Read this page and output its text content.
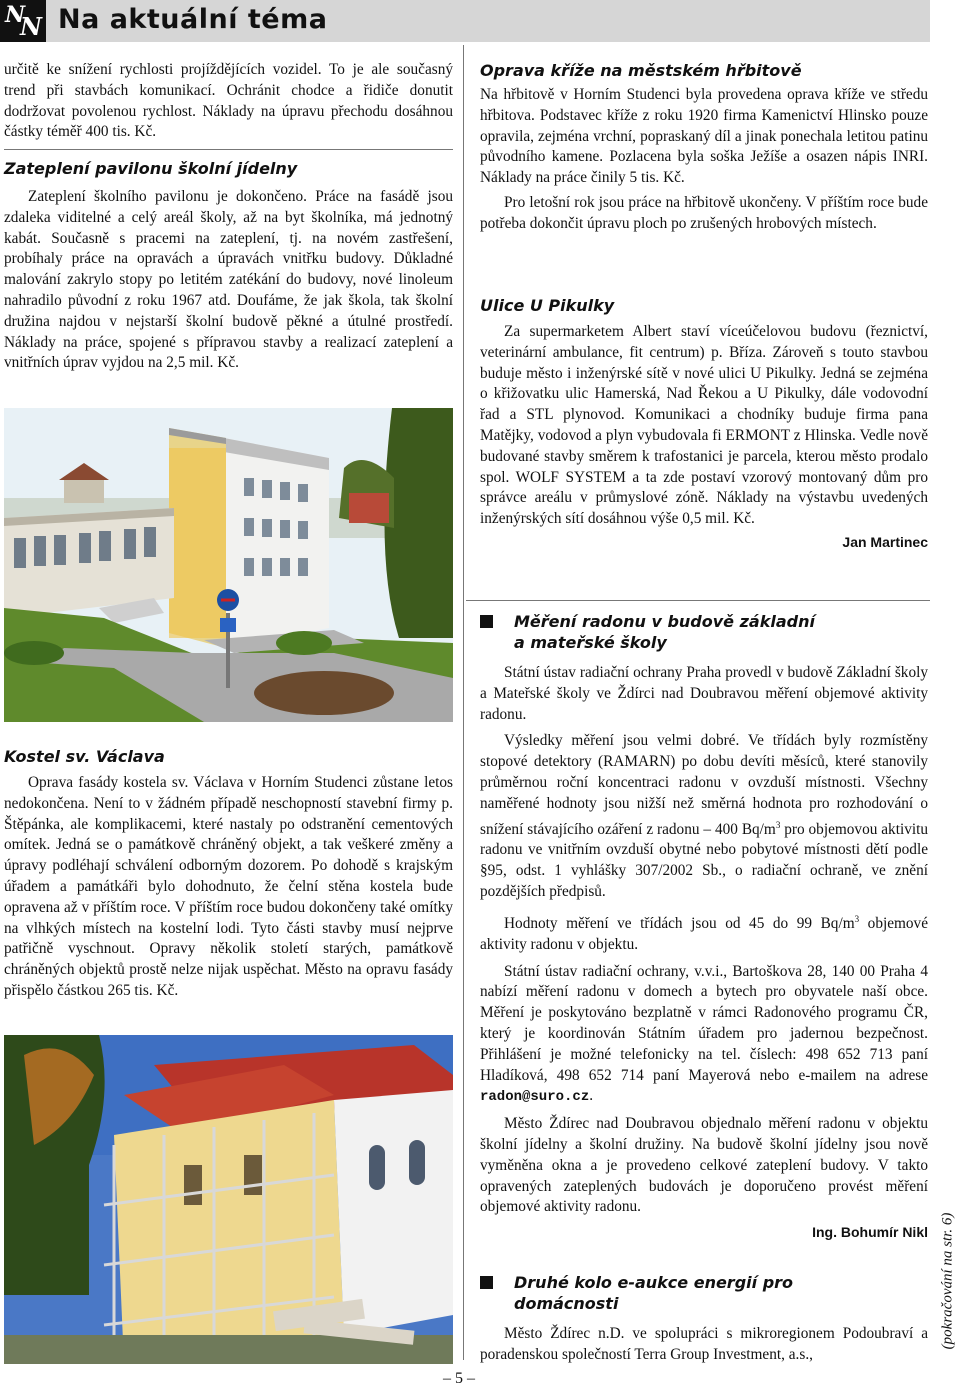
N
N Na aktuální téma

určitě ke snížení rychlosti projíždějících vozidel. To je ale současný trend při stavbách komunikací. Ochránit chodce a řidiče donutit dodržovat povolenou rychlost. Náklady na úpravu přechodu dosáhnou částky téměř 400 tis. Kč.

Zateplení pavilonu školní jídelny

Zateplení školního pavilonu je dokončeno. Práce na fasádě jsou zdaleka viditelné a celý areál školy, až na byt školníka, má jednotný kabát. Současně s pracemi na zateplení, tj. na novém zastřešení, probíhaly práce na opravách a úpravách vnitřku budovy. Důkladné malování zakrylo stopy po letitém zatékání do budovy, nové linoleum nahradilo původní z roku 1967 atd. Doufáme, že jak škola, tak školní družina najdou v nejstarší školní budově pěkné a útulné prostředí. Náklady na práce, spojené s přípravou stavby a realizací zateplení a vnitřních úprav vyjdou na 2,5 mil. Kč.

Kostel sv. Václava

Oprava fasády kostela sv. Václava v Horním Studenci zůstane letos nedokončena. Není to v žádném případě neschopností stavební firmy p. Štěpánka, ale komplikacemi, které nastaly po odstranění cementových omítek. Jedná se o památkově chráněný objekt, a tak veškeré změny a úpravy podléhají schválení odborným dozorem. Po dohodě s krajským úřadem a památkáři bylo dohodnuto, že čelní stěna kostela bude opravena až v příštím roce. V příštím roce budou dokončeny také omítky na vlhkých místech na kostelní lodi. Tyto části stavby musí nejprve patřičně vyschnout. Opravy několik století starých, památkově chráněných objektů prostě nelze nijak uspěchat. Město na opravu fasády přispělo částkou 265 tis. Kč.

Oprava kříže na městském hřbitově

Na hřbitově v Horním Studenci byla provedena oprava kříže ve středu hřbitova. Podstavec kříže z roku 1920 firma Kamenictví Hlinsko pouze opravila, zejména vrchní, popraskaný díl a jinak ponechala letitou patinu původního kamene. Pozlacena byla soška Ježíše a osazen nápis INRI. Náklady na práce činily 5 tis. Kč.

Pro letošní rok jsou práce na hřbitově ukončeny. V příštím roce bude potřeba dokončit úpravu ploch po zrušených hrobových místech.

Ulice U Pikulky

Za supermarketem Albert staví víceúčelovou budovu (řeznictví, veterinární ambulance, fit centrum) p. Bříza. Zároveň s touto stavbou buduje město i inženýrské sítě v nové ulici U Pikulky. Jedná se zejména o křižovatku ulic Hamerská, Nad Řekou a U Pikulky, dále vodovodní řad a STL plynovod. Komunikaci a chodníky buduje firma pana Matějky, vodovod a plyn vybudovala fi ERMONT z Hlinska. Vedle nově budované stavby směrem k trafostanici je parcela, kterou město prodalo spol. WOLF SYSTEM a ta zde postaví vzorový montovaný dům pro správce areálu v průmyslové zóně. Náklady na výstavbu uvedených inženýrských sítí dosáhnou výše 0,5 mil. Kč.

Jan Martinec
Měření radonu v budově základní
a mateřské školy

Státní ústav radiační ochrany Praha provedl v budově Základní školy a Mateřské školy ve Ždírci nad Doubravou měření objemové aktivity radonu.

Výsledky měření jsou velmi dobré. Ve třídách byly rozmístěny stopové detektory (RAMARN) po dobu devíti měsíců, které stanovily průměrnou roční koncentraci radonu v ovzduší místnosti. Všechny naměřené hodnoty jsou nižší než směrná hodnota pro rozhodování o snížení stávajícího ozáření z radonu – 400 $Bq/m^3$ pro objemovou aktivitu radonu ve vnitřním ovzduší obytné nebo pobytové místnosti dětí podle §95, odst. 1 vyhlášky 307/2002 Sb., o radiační ochraně, ve znění pozdějších předpisů.

Hodnoty měření ve třídách jsou od 45 do 99 $Bq/m^3$ objemové aktivity radonu v objektu.

Státní ústav radiační ochrany, v.v.i., Bartoškova 28, 140 00 Praha 4 nabízí měření radonu v domech a bytech pro obyvatele naší obce. Měření je poskytováno bezplatně v rámci Radonového programu ČR, který je koordinován Státním úřadem pro jadernou bezpečnost. Přihlášení je možné telefonicky na tel. číslech: 498 652 713 paní Hladíková, 498 652 714 paní Mayerová nebo e-mailem na adrese radon@suro.cz.

Město Ždírec nad Doubravou objednalo měření radonu v objektu školní jídelny a školní družiny. Na budově školní jídelny jsou nově vyměněna okna a je provedeno celkové zateplení budovy. V takto opravených zateplených budovách je doporučeno provést měření objemové aktivity radonu.

Ing. Bohumír Nikl
Druhé kolo e-aukce energií pro
domácnosti

Město Ždírec n.D. ve spolupráci s mikroregionem Podoubraví a poradenskou společností Terra Group Investment, a.s.,

(pokračování na str. 6)
– 5 –
